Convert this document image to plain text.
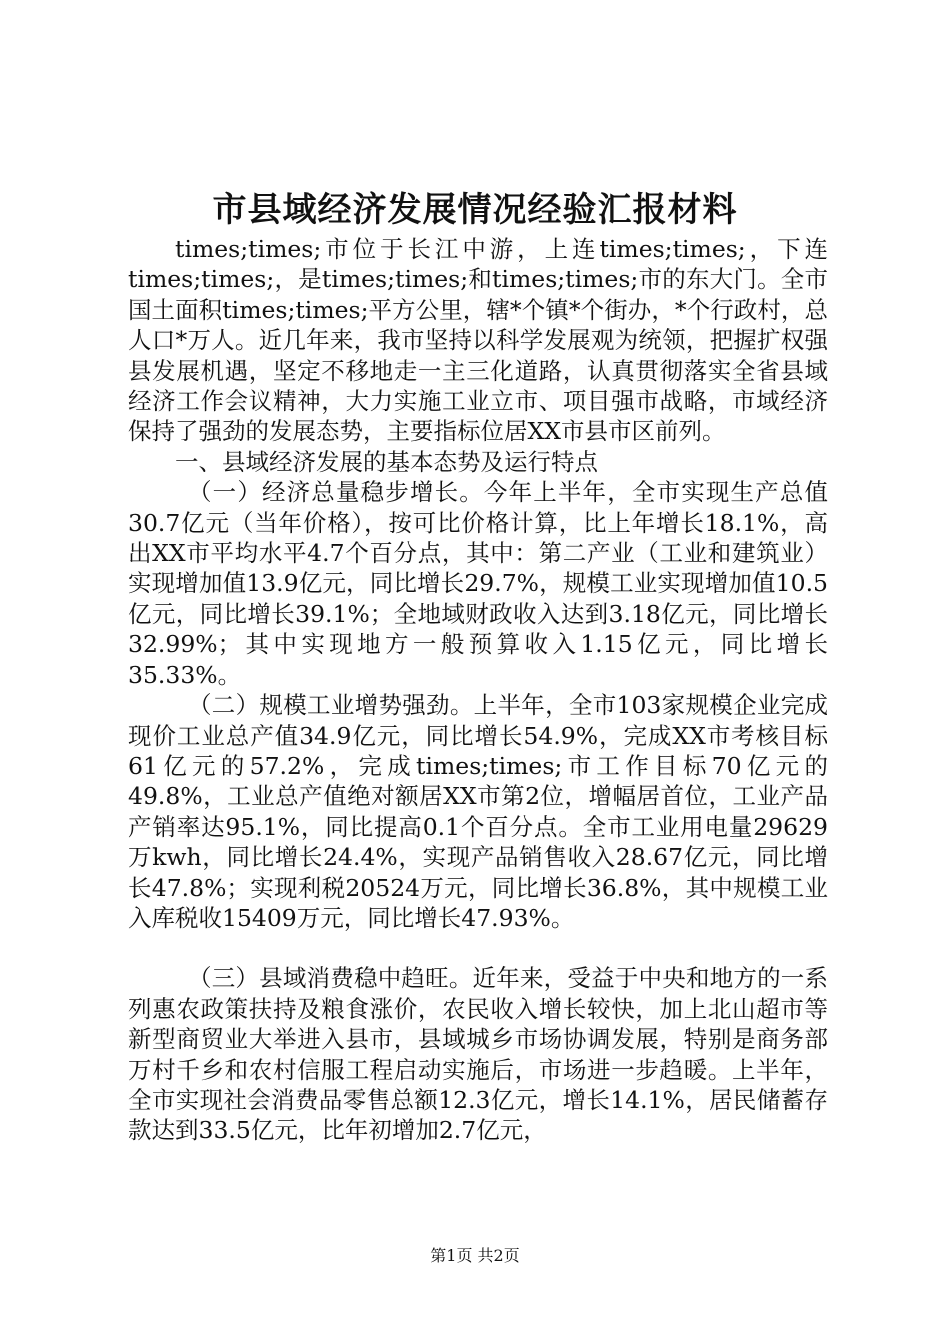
市县域经济发展情况经验汇报材料

times;times;市位于长江中游，上连times;times;，下连times;times;，是times;times;和times;times;市的东大门。全市国土面积times;times;平方公里，辖*个镇*个街办，*个行政村，总人口*万人。近几年来，我市坚持以科学发展观为统领，把握扩权强县发展机遇，坚定不移地走一主三化道路，认真贯彻落实全省县域经济工作会议精神，大力实施工业立市、项目强市战略，市域经济保持了强劲的发展态势，主要指标位居XX市县市区前列。

一、县域经济发展的基本态势及运行特点

（一）经济总量稳步增长。今年上半年，全市实现生产总值30.7亿元（当年价格），按可比价格计算，比上年增长18.1%，高出XX市平均水平4.7个百分点，其中：第二产业（工业和建筑业）实现增加值13.9亿元，同比增长29.7%，规模工业实现增加值10.5亿元，同比增长39.1%；全地域财政收入达到3.18亿元，同比增长32.99%；其中实现地方一般预算收入1.15亿元，同比增长35.33%。

（二）规模工业增势强劲。上半年，全市103家规模企业完成现价工业总产值34.9亿元，同比增长54.9%，完成XX市考核目标61亿元的57.2%，完成times;times;市工作目标70亿元的49.8%，工业总产值绝对额居XX市第2位，增幅居首位，工业产品产销率达95.1%，同比提高0.1个百分点。全市工业用电量29629万kwh，同比增长24.4%，实现产品销售收入28.67亿元，同比增长47.8%；实现利税20524万元，同比增长36.8%，其中规模工业入库税收15409万元，同比增长47.93%。

（三）县域消费稳中趋旺。近年来，受益于中央和地方的一系列惠农政策扶持及粮食涨价，农民收入增长较快，加上北山超市等新型商贸业大举进入县市，县域城乡市场协调发展，特别是商务部万村千乡和农村信服工程启动实施后，市场进一步趋暖。上半年，全市实现社会消费品零售总额12.3亿元，增长14.1%，居民储蓄存款达到33.5亿元，比年初增加2.7亿元，

第1页 共2页
